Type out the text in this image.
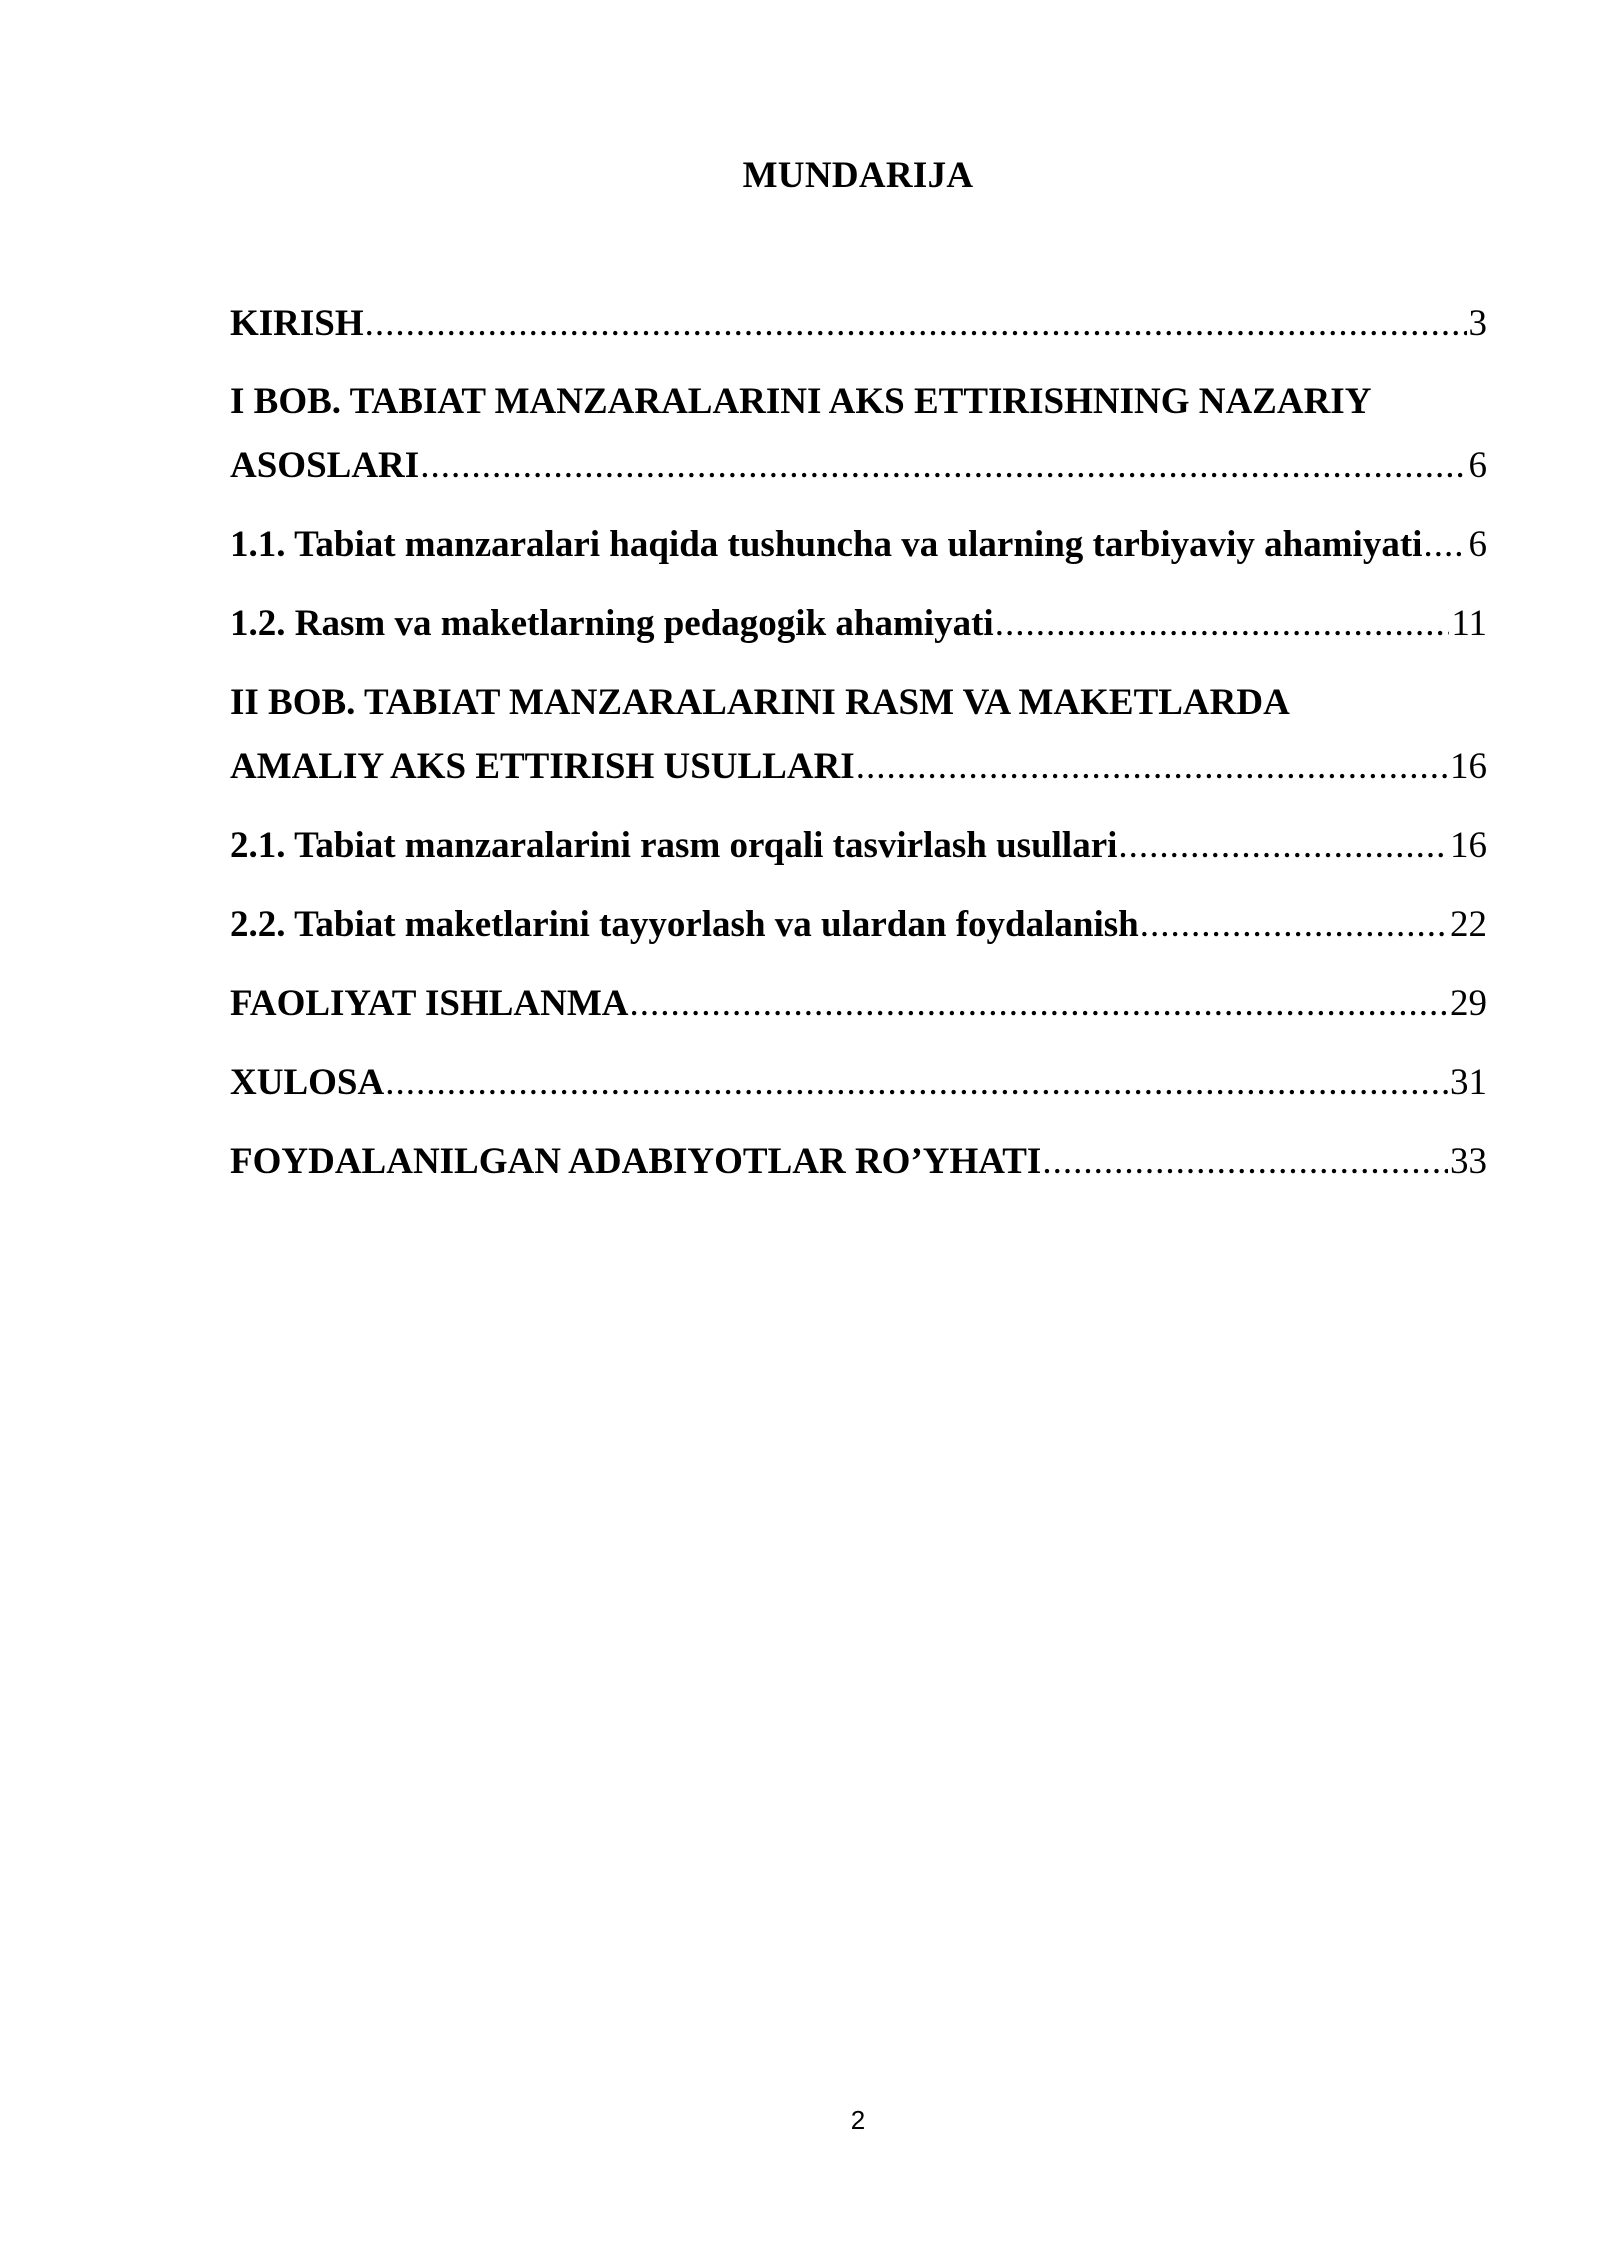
MUNDARIJA
KIRISH .....	3
I BOB. TABIAT MANZARALARINI AKS ETTIRISHNING NAZARIY
ASOSLARI .....	6
1.1. Tabiat manzaralari haqida tushuncha va ularning tarbiyaviy ahamiyati ..... 6
1.2. Rasm va maketlarning pedagogik ahamiyati .....	11
II BOB. TABIAT MANZARALARINI RASM VA MAKETLARDA
AMALIY AKS ETTIRISH USULLARI .....	16
2.1. Tabiat manzaralarini rasm orqali tasvirlash usullari .....	16
2.2. Tabiat maketlarini tayyorlash va ulardan foydalanish .....	22
FAOLIYAT ISHLANMA .....	29
XULOSA .....	31
FOYDALANILGAN ADABIYOTLAR RO’YHATI .....	33
2
